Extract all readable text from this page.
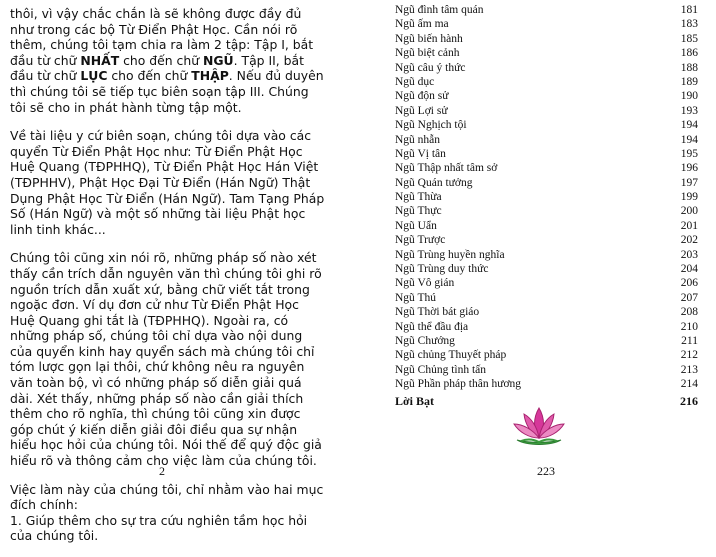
thôi, vì vậy chắc chắn là sẽ không được đầy đủ như trong các bộ Từ Điển Phật Học. Cần nói rõ thêm, chúng tôi tạm chia ra làm 2 tập: Tập I, bắt đầu từ chữ NHẤT cho đến chữ NGŨ. Tập II, bắt đầu từ chữ LỤC cho đến chữ THẬP. Nếu đủ duyên thì chúng tôi sẽ tiếp tục biên soạn tập III. Chúng tôi sẽ cho in phát hành từng tập một.

Về tài liệu y cứ biên soạn, chúng tôi dựa vào các quyển Từ Điển Phật Học như: Từ Điển Phật Học Huệ Quang (TĐPHHQ), Từ Điển Phật Học Hán Việt (TĐPHHV), Phật Học Đại Từ Điển (Hán Ngữ) Thật Dụng Phật Học Từ Điển (Hán Ngữ). Tam Tạng Pháp Số (Hán Ngữ) và một số những tài liệu Phật học linh tinh khác...

Chúng tôi cũng xin nói rõ, những pháp số nào xét thấy cần trích dẫn nguyên văn thì chúng tôi ghi rõ nguồn trích dẫn xuất xứ, bằng chữ viết tắt trong ngoặc đơn. Ví dụ đơn cử như Từ Điển Phật Học Huệ Quang ghi tắt là (TĐPHHQ). Ngoài ra, có những pháp số, chúng tôi chỉ dựa vào nội dung của quyển kinh hay quyển sách mà chúng tôi chỉ tóm lược gọn lại thôi, chứ không nêu ra nguyên văn toàn bộ, vì có những pháp số diễn giải quá dài. Xét thấy, những pháp số nào cần giải thích thêm cho rõ nghĩa, thì chúng tôi cũng xin được góp chút ý kiến diễn giải đôi điều qua sự nhận hiểu học hỏi của chúng tôi. Nói thế để quý độc giả hiểu rõ và thông cảm cho việc làm của chúng tôi.

Việc làm này của chúng tôi, chỉ nhằm vào hai mục đích chính:
1. Giúp thêm cho sự tra cứu nghiên tầm học hỏi của chúng tôi.

2
Ngũ đình tâm quán	181
Ngũ ấm ma	183
Ngũ biến hành	185
Ngũ biệt cảnh	186
Ngũ câu ý thức	188
Ngũ dục	189
Ngũ độn sử	190
Ngũ Lợi sử	193
Ngũ Nghịch tội	194
Ngũ nhẫn	194
Ngũ Vị tân	195
Ngũ Thập nhất tâm sở	196
Ngũ Quán tưởng	197
Ngũ Thừa	199
Ngũ Thực	200
Ngũ Uẩn	201
Ngũ Trược	202
Ngũ Trùng huyền nghĩa	203
Ngũ Trùng duy thức	204
Ngũ Vô gián	206
Ngũ Thú	207
Ngũ Thời bát giáo	208
Ngũ thể đầu địa	210
Ngũ Chướng	211
Ngũ chủng Thuyết pháp	212
Ngũ Chủng tình tấn	213
Ngũ Phần pháp thân hương	214
Lời Bạt	216
223
